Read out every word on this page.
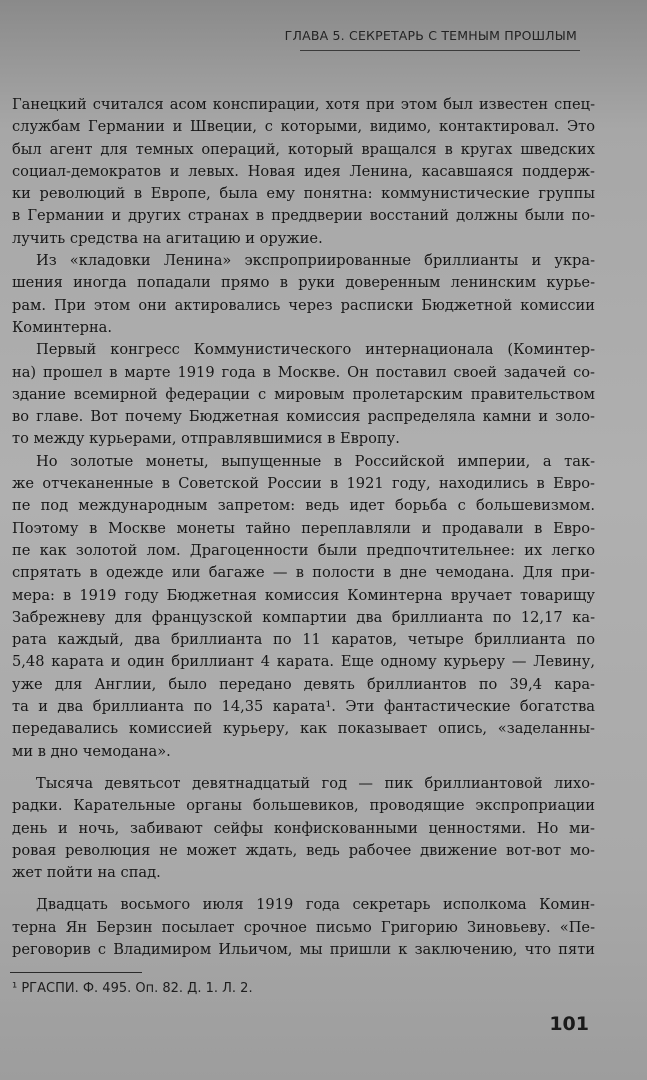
ГЛАВА 5. СЕКРЕТАРЬ С ТЕМНЫМ ПРОШЛЫМ
Ганецкий считался асом конспирации, хотя при этом был известен спец-
службам Германии и Швеции, с которыми, видимо, контактировал. Это
был агент для темных операций, который вращался в кругах шведских
социал-демократов и левых. Новая идея Ленина, касавшаяся поддерж-
ки революций в Европе, была ему понятна: коммунистические группы
в Германии и других странах в преддверии восстаний должны были по-
лучить средства на агитацию и оружие.
Из «кладовки Ленина» экспроприированные бриллианты и укра-
шения иногда попадали прямо в руки доверенным ленинским курье-
рам. При этом они актировались через расписки Бюджетной комиссии
Коминтерна.
Первый конгресс Коммунистического интернационала (Коминтер-
на) прошел в марте 1919 года в Москве. Он поставил своей задачей со-
здание всемирной федерации с мировым пролетарским правительством
во главе. Вот почему Бюджетная комиссия распределяла камни и золо-
то между курьерами, отправлявшимися в Европу.
Но золотые монеты, выпущенные в Российской империи, а так-
же отчеканенные в Советской России в 1921 году, находились в Евро-
пе под международным запретом: ведь идет борьба с большевизмом.
Поэтому в Москве монеты тайно переплавляли и продавали в Евро-
пе как золотой лом. Драгоценности были предпочтительнее: их легко
спрятать в одежде или багаже — в полости в дне чемодана. Для при-
мера: в 1919 году Бюджетная комиссия Коминтерна вручает товарищу
Забрежневу для французской компартии два бриллианта по 12,17 ка-
рата каждый, два бриллианта по 11 каратов, четыре бриллианта по
5,48 карата и один бриллиант 4 карата. Еще одному курьеру — Левину,
уже для Англии, было передано девять бриллиантов по 39,4 кара-
та и два бриллианта по 14,35 карата¹. Эти фантастические богатства
передавались комиссией курьеру, как показывает опись, «заделанны-
ми в дно чемодана».
Тысяча девятьсот девятнадцатый год — пик бриллиантовой лихо-
радки. Карательные органы большевиков, проводящие экспроприации
день и ночь, забивают сейфы конфискованными ценностями. Но ми-
ровая революция не может ждать, ведь рабочее движение вот-вот мо-
жет пойти на спад.
Двадцать восьмого июля 1919 года секретарь исполкома Комин-
терна Ян Берзин посылает срочное письмо Григорию Зиновьеву. «Пе-
реговорив с Владимиром Ильичом, мы пришли к заключению, что пяти
¹ РГАСПИ. Ф. 495. Оп. 82. Д. 1. Л. 2.
101
